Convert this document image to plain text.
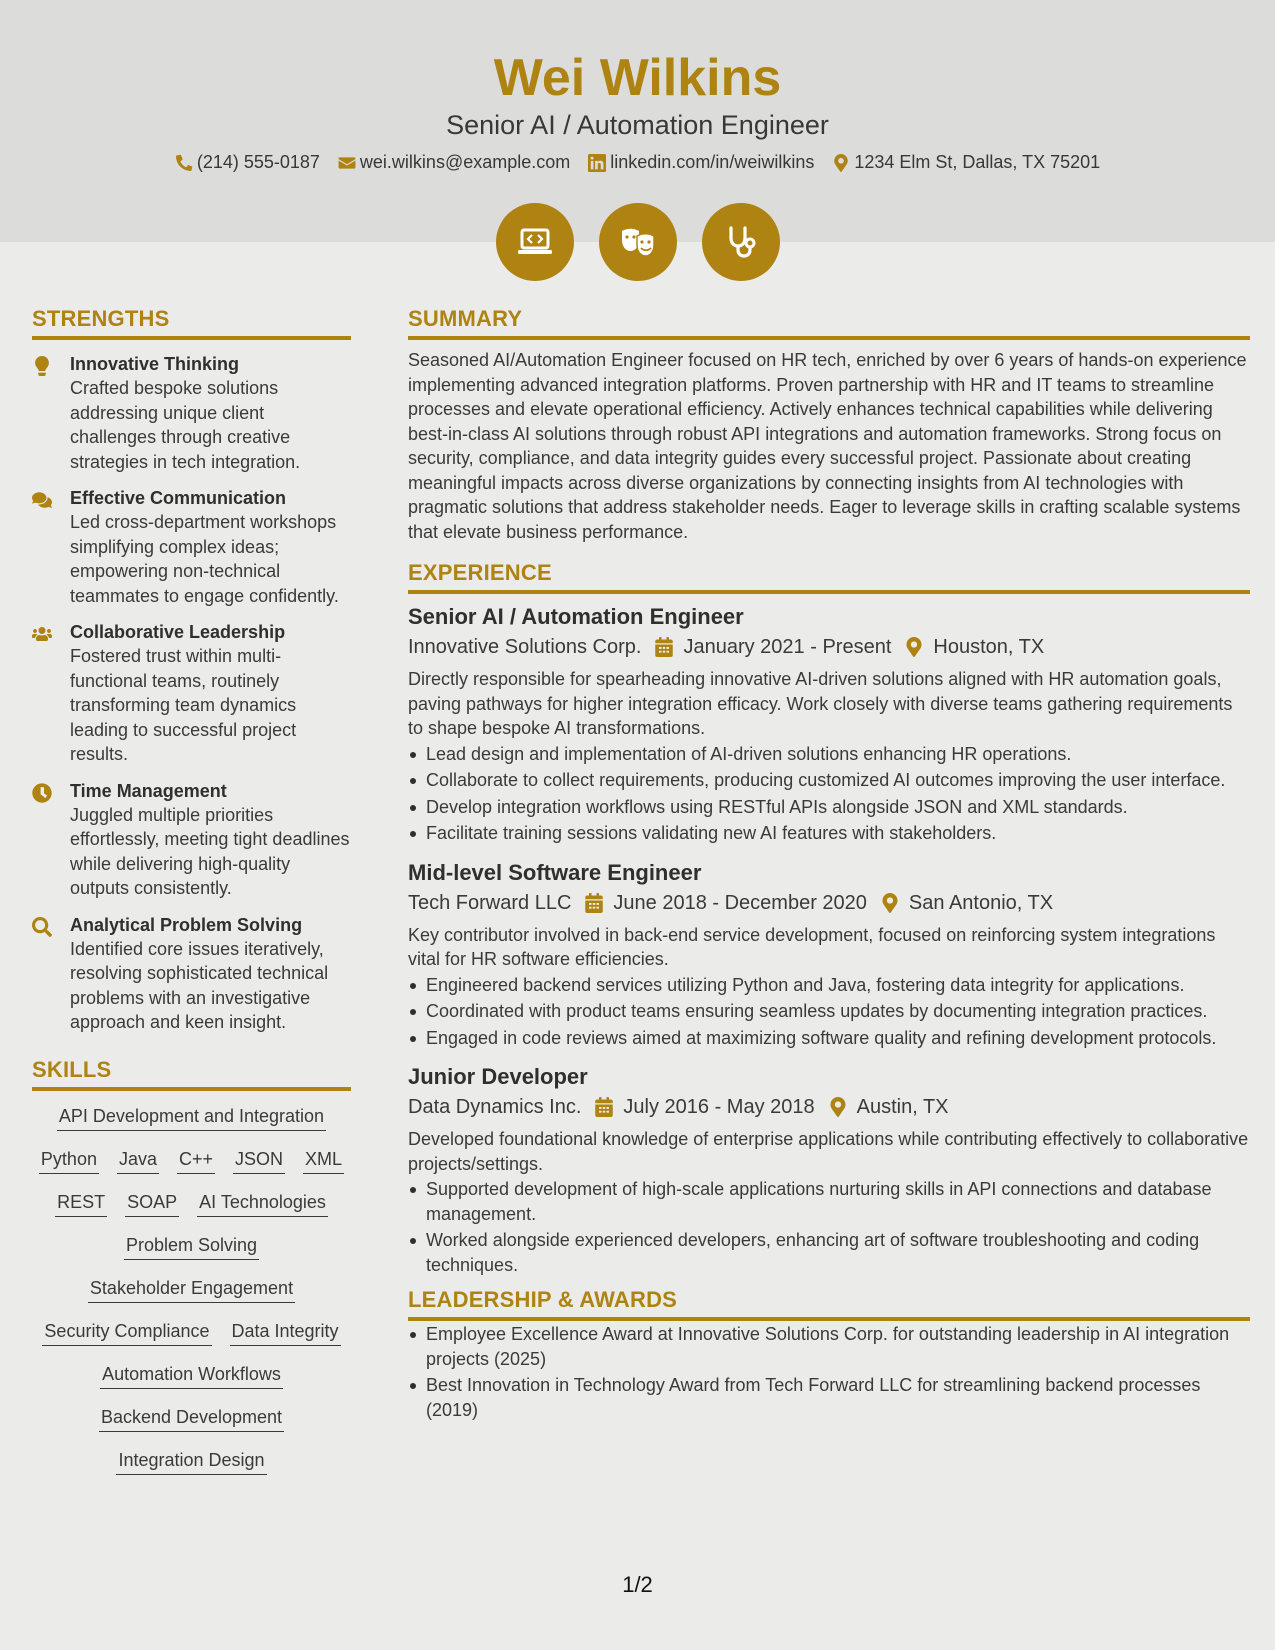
Wei Wilkins
Senior AI / Automation Engineer
(214) 555-0187 wei.wilkins@example.com linkedin.com/in/weiwilkins 1234 Elm St, Dallas, TX 75201
STRENGTHS
Innovative Thinking
Crafted bespoke solutions addressing unique client challenges through creative strategies in tech integration.
Effective Communication
Led cross-department workshops simplifying complex ideas; empowering non-technical teammates to engage confidently.
Collaborative Leadership
Fostered trust within multi-functional teams, routinely transforming team dynamics leading to successful project results.
Time Management
Juggled multiple priorities effortlessly, meeting tight deadlines while delivering high-quality outputs consistently.
Analytical Problem Solving
Identified core issues iteratively, resolving sophisticated technical problems with an investigative approach and keen insight.
SKILLS
API Development and Integration
Python Java C++ JSON XML
REST SOAP AI Technologies
Problem Solving
Stakeholder Engagement
Security Compliance Data Integrity
Automation Workflows
Backend Development
Integration Design
SUMMARY
Seasoned AI/Automation Engineer focused on HR tech, enriched by over 6 years of hands-on experience implementing advanced integration platforms. Proven partnership with HR and IT teams to streamline processes and elevate operational efficiency. Actively enhances technical capabilities while delivering best-in-class AI solutions through robust API integrations and automation frameworks. Strong focus on security, compliance, and data integrity guides every successful project. Passionate about creating meaningful impacts across diverse organizations by connecting insights from AI technologies with pragmatic solutions that address stakeholder needs. Eager to leverage skills in crafting scalable systems that elevate business performance.
EXPERIENCE
Senior AI / Automation Engineer
Innovative Solutions Corp. January 2021 - Present Houston, TX
Directly responsible for spearheading innovative AI-driven solutions aligned with HR automation goals, paving pathways for higher integration efficacy. Work closely with diverse teams gathering requirements to shape bespoke AI transformations.
Lead design and implementation of AI-driven solutions enhancing HR operations.
Collaborate to collect requirements, producing customized AI outcomes improving the user interface.
Develop integration workflows using RESTful APIs alongside JSON and XML standards.
Facilitate training sessions validating new AI features with stakeholders.
Mid-level Software Engineer
Tech Forward LLC June 2018 - December 2020 San Antonio, TX
Key contributor involved in back-end service development, focused on reinforcing system integrations vital for HR software efficiencies.
Engineered backend services utilizing Python and Java, fostering data integrity for applications.
Coordinated with product teams ensuring seamless updates by documenting integration practices.
Engaged in code reviews aimed at maximizing software quality and refining development protocols.
Junior Developer
Data Dynamics Inc. July 2016 - May 2018 Austin, TX
Developed foundational knowledge of enterprise applications while contributing effectively to collaborative projects/settings.
Supported development of high-scale applications nurturing skills in API connections and database management.
Worked alongside experienced developers, enhancing art of software troubleshooting and coding techniques.
LEADERSHIP & AWARDS
Employee Excellence Award at Innovative Solutions Corp. for outstanding leadership in AI integration projects (2025)
Best Innovation in Technology Award from Tech Forward LLC for streamlining backend processes (2019)
1/2
